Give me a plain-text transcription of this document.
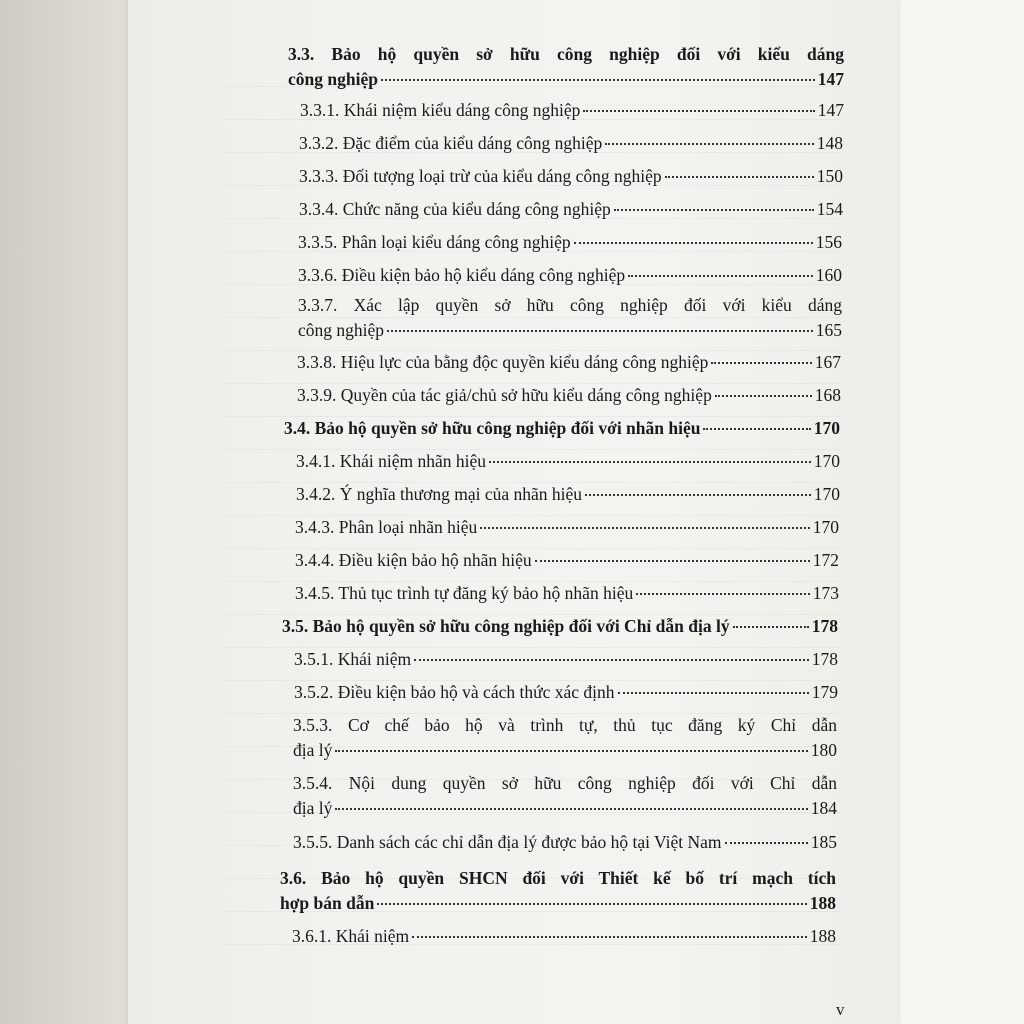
3.3. Bảo hộ quyền sở hữu công nghiệp đối với kiểu dáng
công nghiệp	147
3.3.1. Khái niệm kiểu dáng công nghiệp	147
3.3.2. Đặc điểm của kiểu dáng công nghiệp	148
3.3.3. Đối tượng loại trừ của kiểu dáng công nghiệp	150
3.3.4. Chức năng của kiểu dáng công nghiệp	154
3.3.5. Phân loại kiểu dáng công nghiệp	156
3.3.6. Điều kiện bảo hộ kiểu dáng công nghiệp	160
3.3.7. Xác lập quyền sở hữu công nghiệp đối với kiểu dáng
công nghiệp	165
3.3.8. Hiệu lực của bằng độc quyền kiểu dáng công nghiệp	167
3.3.9. Quyền của tác giả/chủ sở hữu kiểu dáng công nghiệp	168
3.4. Bảo hộ quyền sở hữu công nghiệp đối với nhãn hiệu	170
3.4.1. Khái niệm nhãn hiệu	170
3.4.2. Ý nghĩa thương mại của nhãn hiệu	170
3.4.3. Phân loại nhãn hiệu	170
3.4.4. Điều kiện bảo hộ nhãn hiệu	172
3.4.5. Thủ tục trình tự đăng ký bảo hộ nhãn hiệu	173
3.5. Bảo hộ quyền sở hữu công nghiệp đối với Chỉ dẫn địa lý	178
3.5.1. Khái niệm	178
3.5.2. Điều kiện bảo hộ và cách thức xác định	179
3.5.3. Cơ chế bảo hộ và trình tự, thủ tục đăng ký Chỉ dẫn
địa lý	180
3.5.4. Nội dung quyền sở hữu công nghiệp đối với Chỉ dẫn
địa lý	184
3.5.5. Danh sách các chỉ dẫn địa lý được bảo hộ tại Việt Nam	185
3.6. Bảo hộ quyền SHCN đối với Thiết kế bố trí mạch tích
hợp bán dẫn	188
3.6.1. Khái niệm	188
v
